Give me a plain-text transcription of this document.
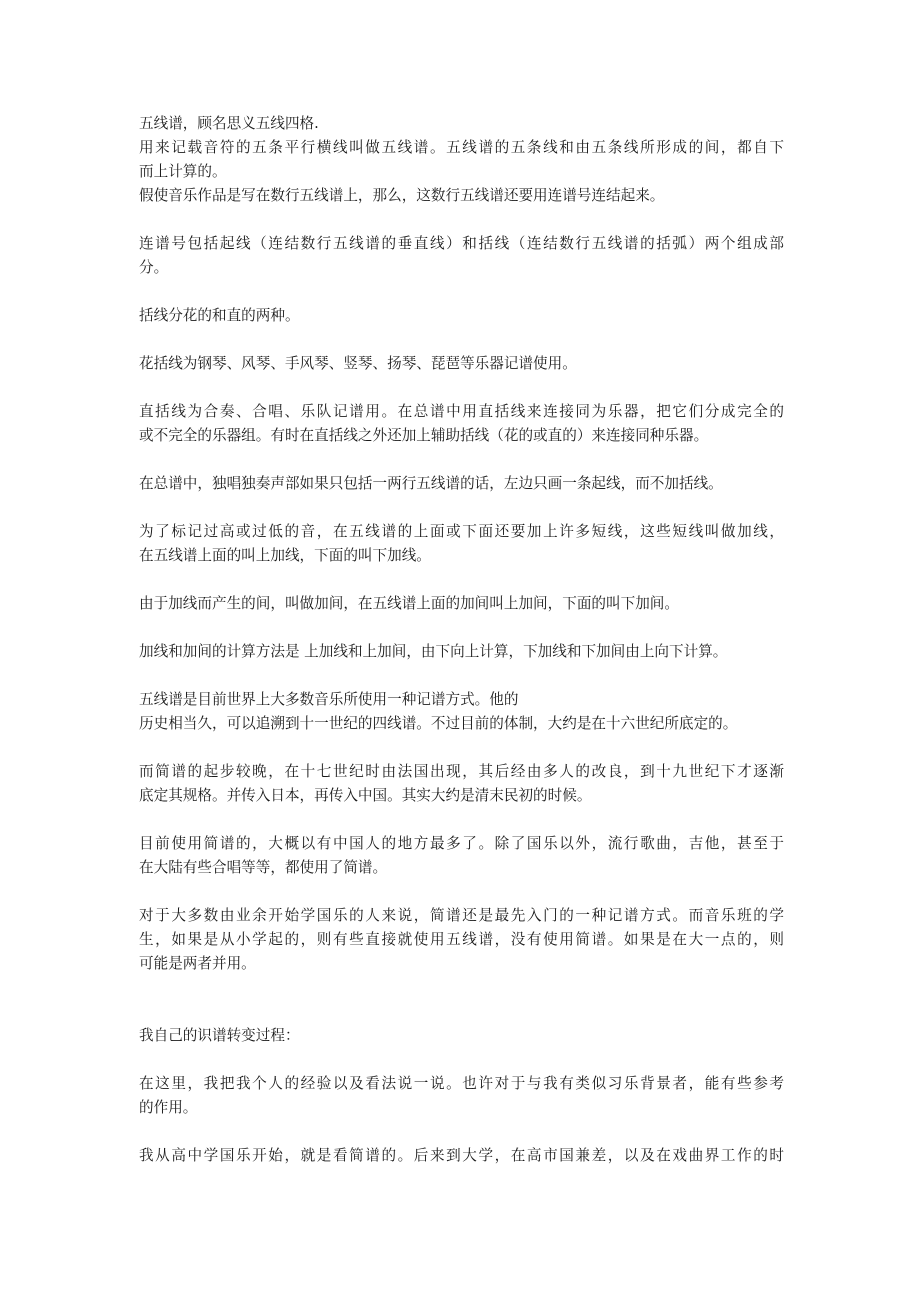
五线谱，顾名思义五线四格.
用来记载音符的五条平行横线叫做五线谱。五线谱的五条线和由五条线所形成的间，都自下
而上计算的。
假使音乐作品是写在数行五线谱上，那么，这数行五线谱还要用连谱号连结起来。
连谱号包括起线（连结数行五线谱的垂直线）和括线（连结数行五线谱的括弧）两个组成部
分。
括线分花的和直的两种。
花括线为钢琴、风琴、手风琴、竖琴、扬琴、琵琶等乐器记谱使用。
直括线为合奏、合唱、乐队记谱用。在总谱中用直括线来连接同为乐器，把它们分成完全的
或不完全的乐器组。有时在直括线之外还加上辅助括线（花的或直的）来连接同种乐器。
在总谱中，独唱独奏声部如果只包括一两行五线谱的话，左边只画一条起线，而不加括线。
为了标记过高或过低的音，在五线谱的上面或下面还要加上许多短线，这些短线叫做加线，
在五线谱上面的叫上加线，下面的叫下加线。
由于加线而产生的间，叫做加间，在五线谱上面的加间叫上加间，下面的叫下加间。
加线和加间的计算方法是 上加线和上加间，由下向上计算，下加线和下加间由上向下计算。
五线谱是目前世界上大多数音乐所使用一种记谱方式。他的
历史相当久，可以追溯到十一世纪的四线谱。不过目前的体制，大约是在十六世纪所底定的。
而简谱的起步较晚，在十七世纪时由法国出现，其后经由多人的改良，到十九世纪下才逐渐
底定其规格。并传入日本，再传入中国。其实大约是清末民初的时候。
目前使用简谱的，大概以有中国人的地方最多了。除了国乐以外，流行歌曲，吉他，甚至于
在大陆有些合唱等等，都使用了简谱。
对于大多数由业余开始学国乐的人来说，简谱还是最先入门的一种记谱方式。而音乐班的学
生，如果是从小学起的，则有些直接就使用五线谱，没有使用简谱。如果是在大一点的，则
可能是两者并用。
我自己的识谱转变过程：
在这里，我把我个人的经验以及看法说一说。也许对于与我有类似习乐背景者，能有些参考
的作用。
我从高中学国乐开始，就是看简谱的。后来到大学，在高市国兼差，以及在戏曲界工作的时
